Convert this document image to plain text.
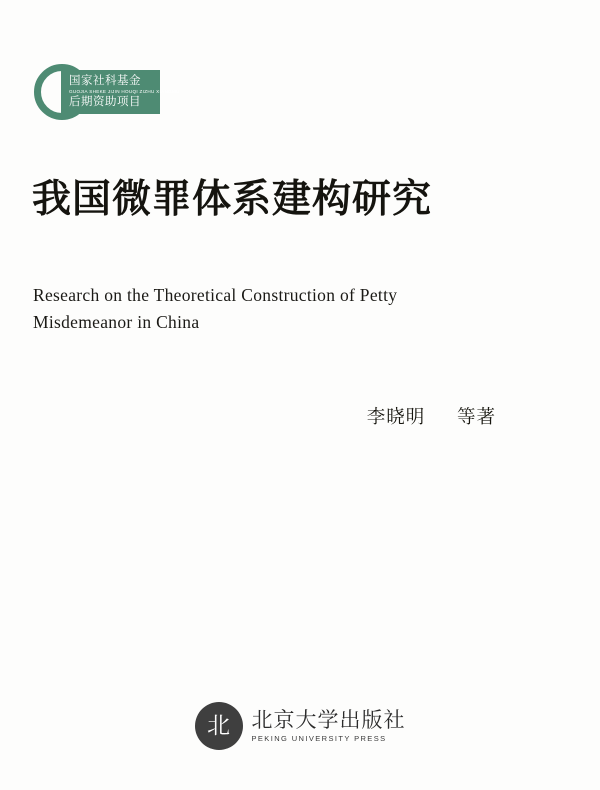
国家社科基金
GUOJIA SHEKE JIJIN HOUQI ZIZHU XIANGMU
后期资助项目
我国微罪体系建构研究
Research on the Theoretical Construction of Petty Misdemeanor in China
李晓明 等著
北	北京大学出版社
PEKING UNIVERSITY PRESS
